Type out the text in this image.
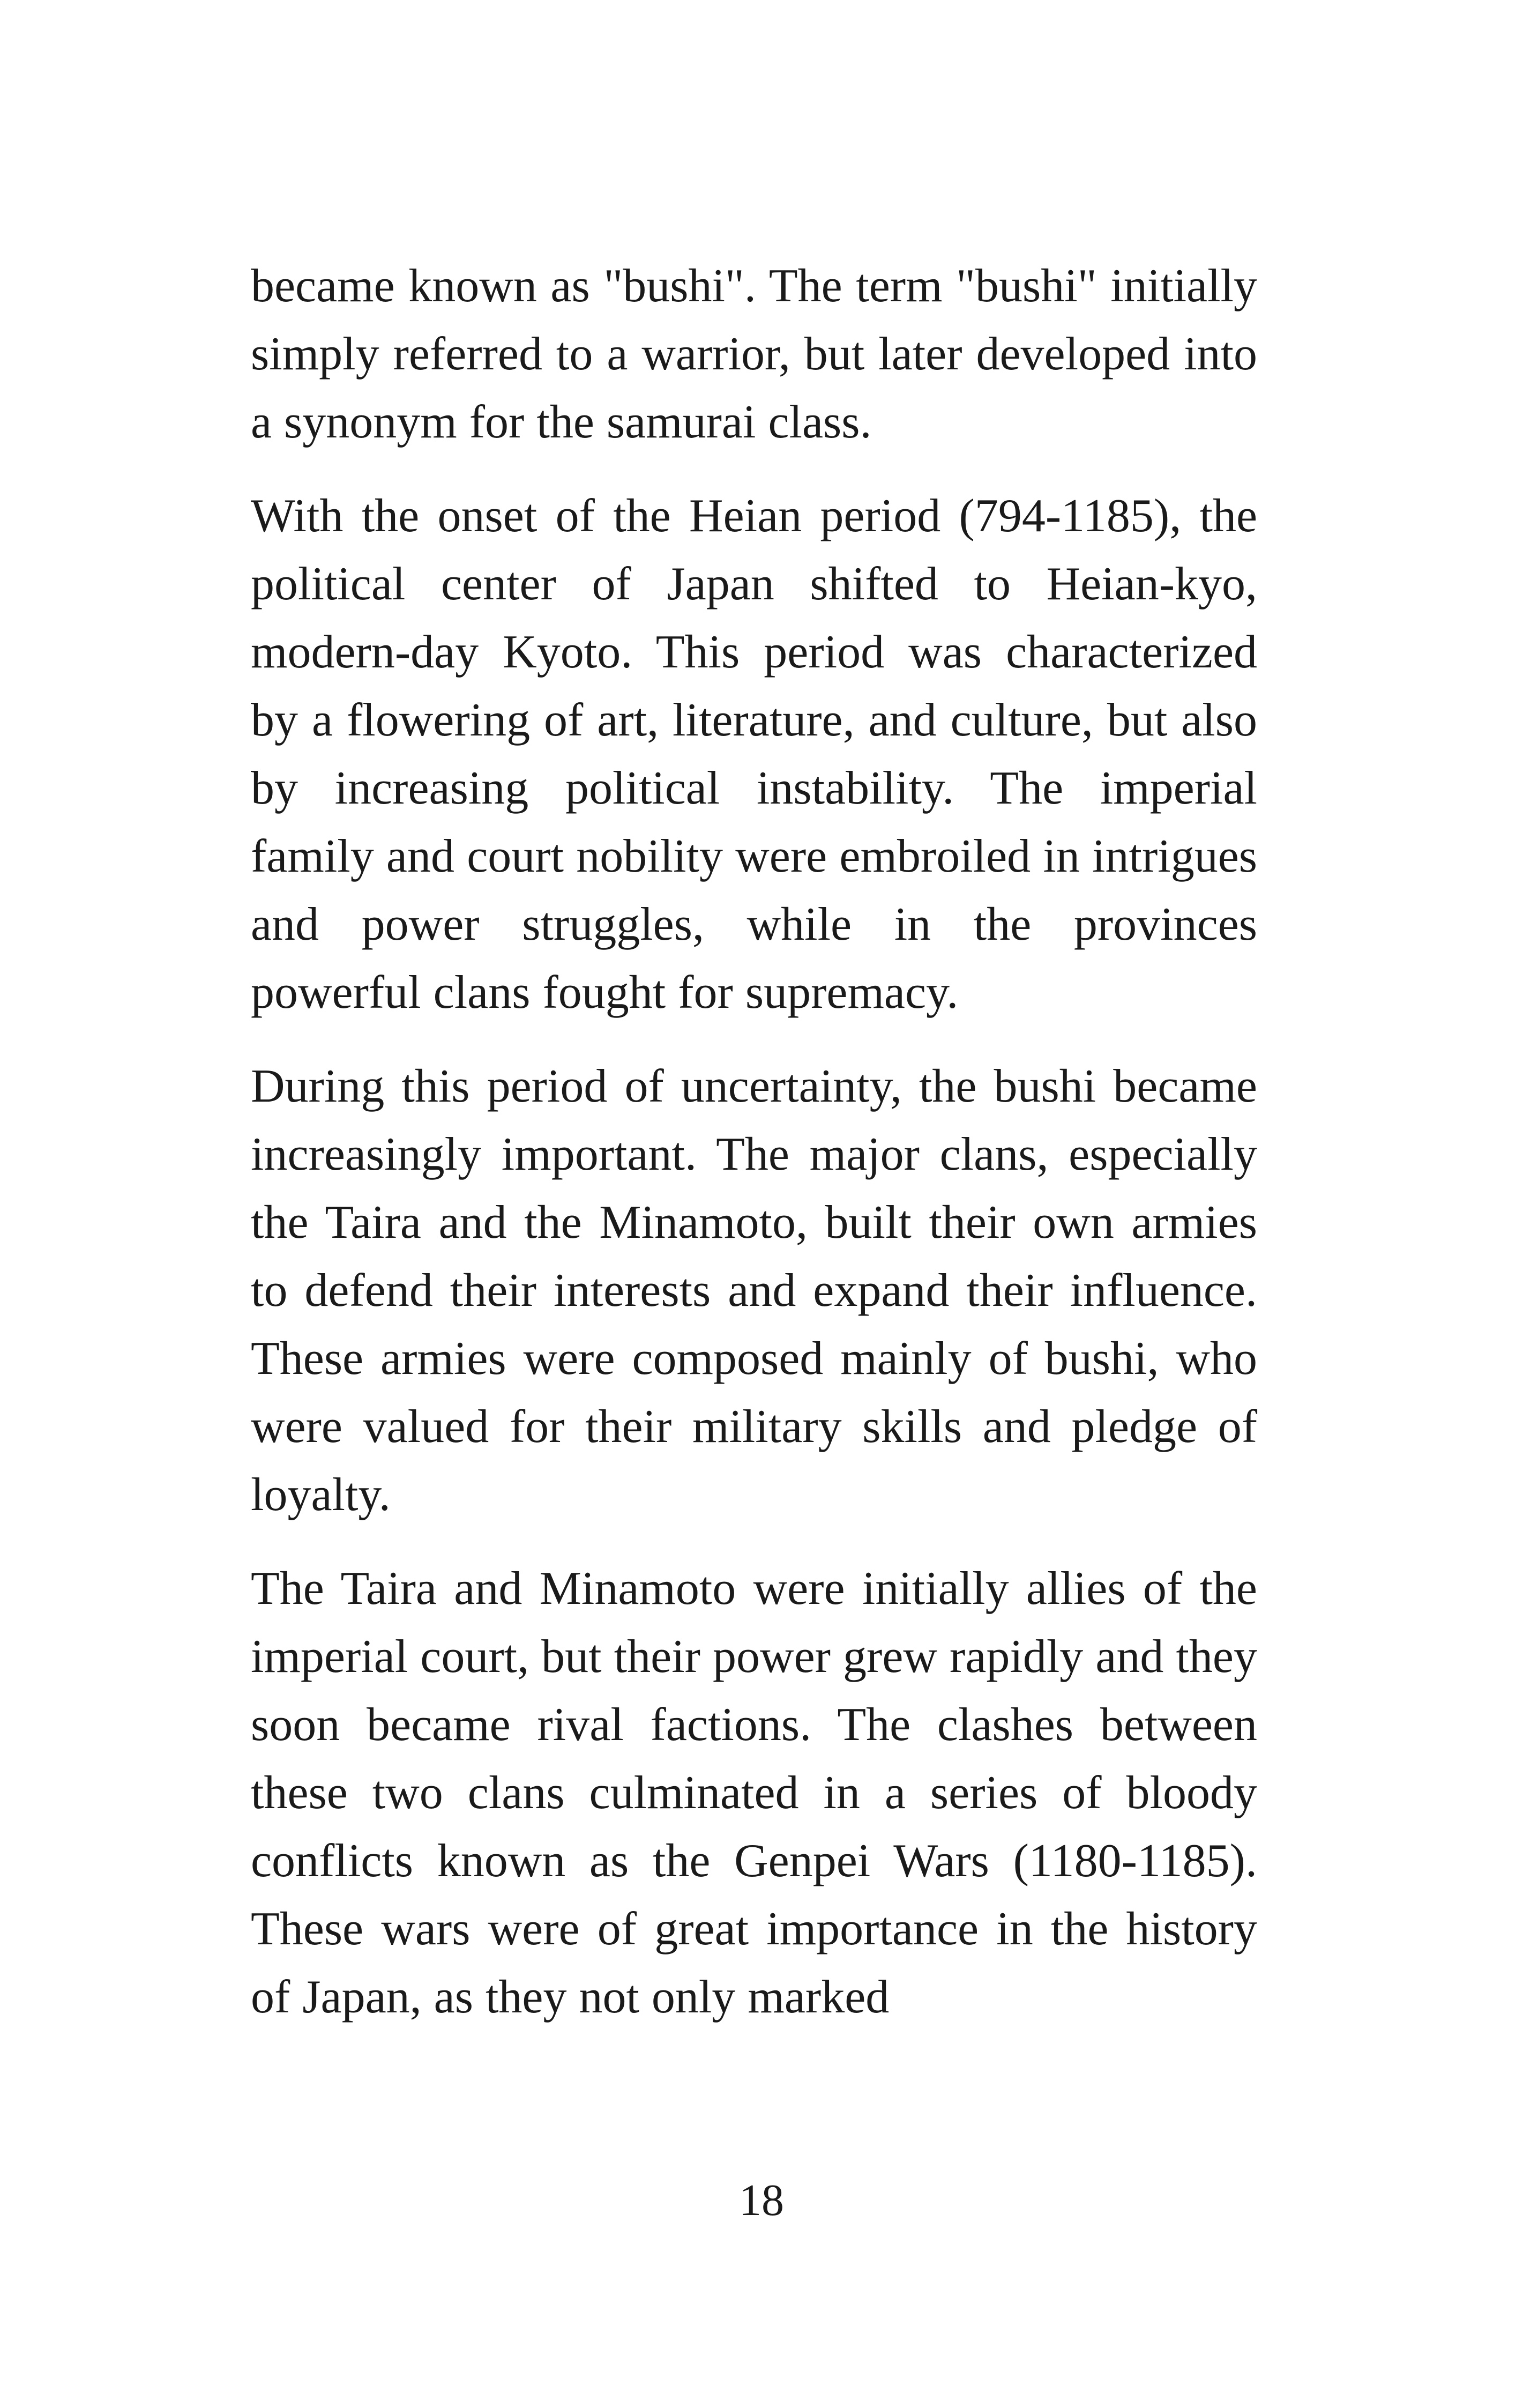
became known as "bushi". The term "bushi" initially simply referred to a warrior, but later developed into a synonym for the samurai class.

With the onset of the Heian period (794-1185), the political center of Japan shifted to Heian-kyo, modern-day Kyoto. This period was characterized by a flowering of art, literature, and culture, but also by increasing political instability. The imperial family and court nobility were embroiled in intrigues and power struggles, while in the provinces powerful clans fought for supremacy.

During this period of uncertainty, the bushi became increasingly important. The major clans, especially the Taira and the Minamoto, built their own armies to defend their interests and expand their influence. These armies were composed mainly of bushi, who were valued for their military skills and pledge of loyalty.

The Taira and Minamoto were initially allies of the imperial court, but their power grew rapidly and they soon became rival factions. The clashes between these two clans culminated in a series of bloody conflicts known as the Genpei Wars (1180-1185). These wars were of great importance in the history of Japan, as they not only marked

18
